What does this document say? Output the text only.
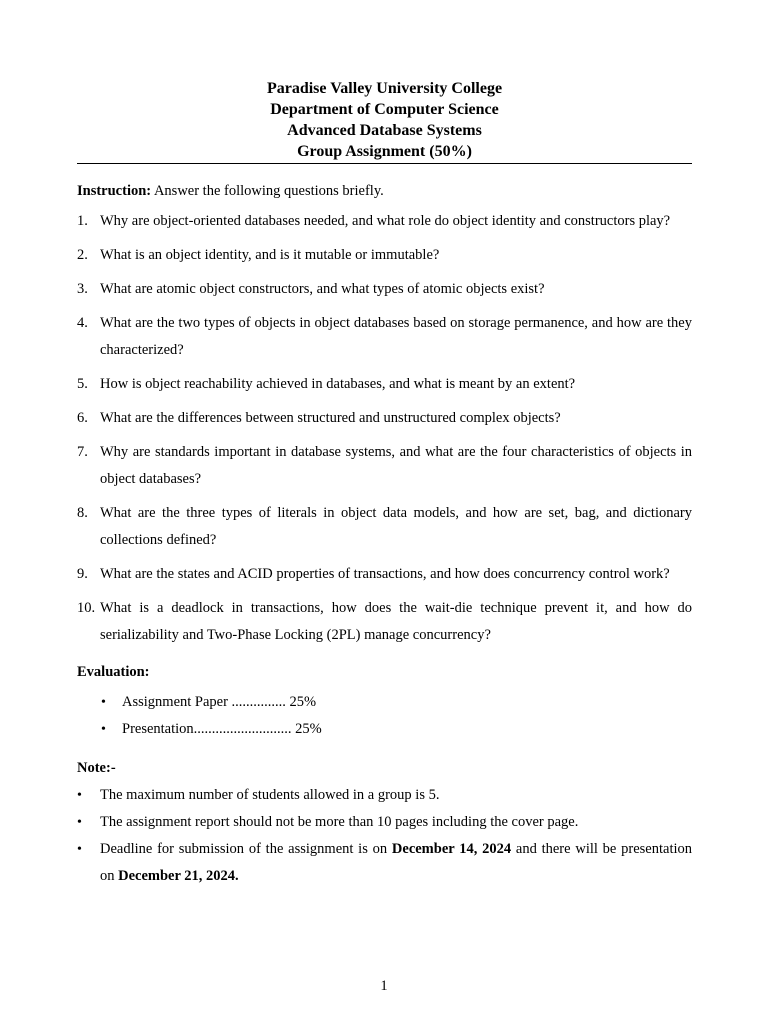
Paradise Valley University College
Department of Computer Science
Advanced Database Systems
Group Assignment (50%)
Instruction: Answer the following questions briefly.
1. Why are object-oriented databases needed, and what role do object identity and constructors play?
2. What is an object identity, and is it mutable or immutable?
3. What are atomic object constructors, and what types of atomic objects exist?
4. What are the two types of objects in object databases based on storage permanence, and how are they characterized?
5. How is object reachability achieved in databases, and what is meant by an extent?
6. What are the differences between structured and unstructured complex objects?
7. Why are standards important in database systems, and what are the four characteristics of objects in object databases?
8. What are the three types of literals in object data models, and how are set, bag, and dictionary collections defined?
9. What are the states and ACID properties of transactions, and how does concurrency control work?
10. What is a deadlock in transactions, how does the wait-die technique prevent it, and how do serializability and Two-Phase Locking (2PL) manage concurrency?
Evaluation:
• Assignment Paper ............... 25%
• Presentation........................... 25%
Note:-
• The maximum number of students allowed in a group is 5.
• The assignment report should not be more than 10 pages including the cover page.
• Deadline for submission of the assignment is on December 14, 2024 and there will be presentation on December 21, 2024.
1
